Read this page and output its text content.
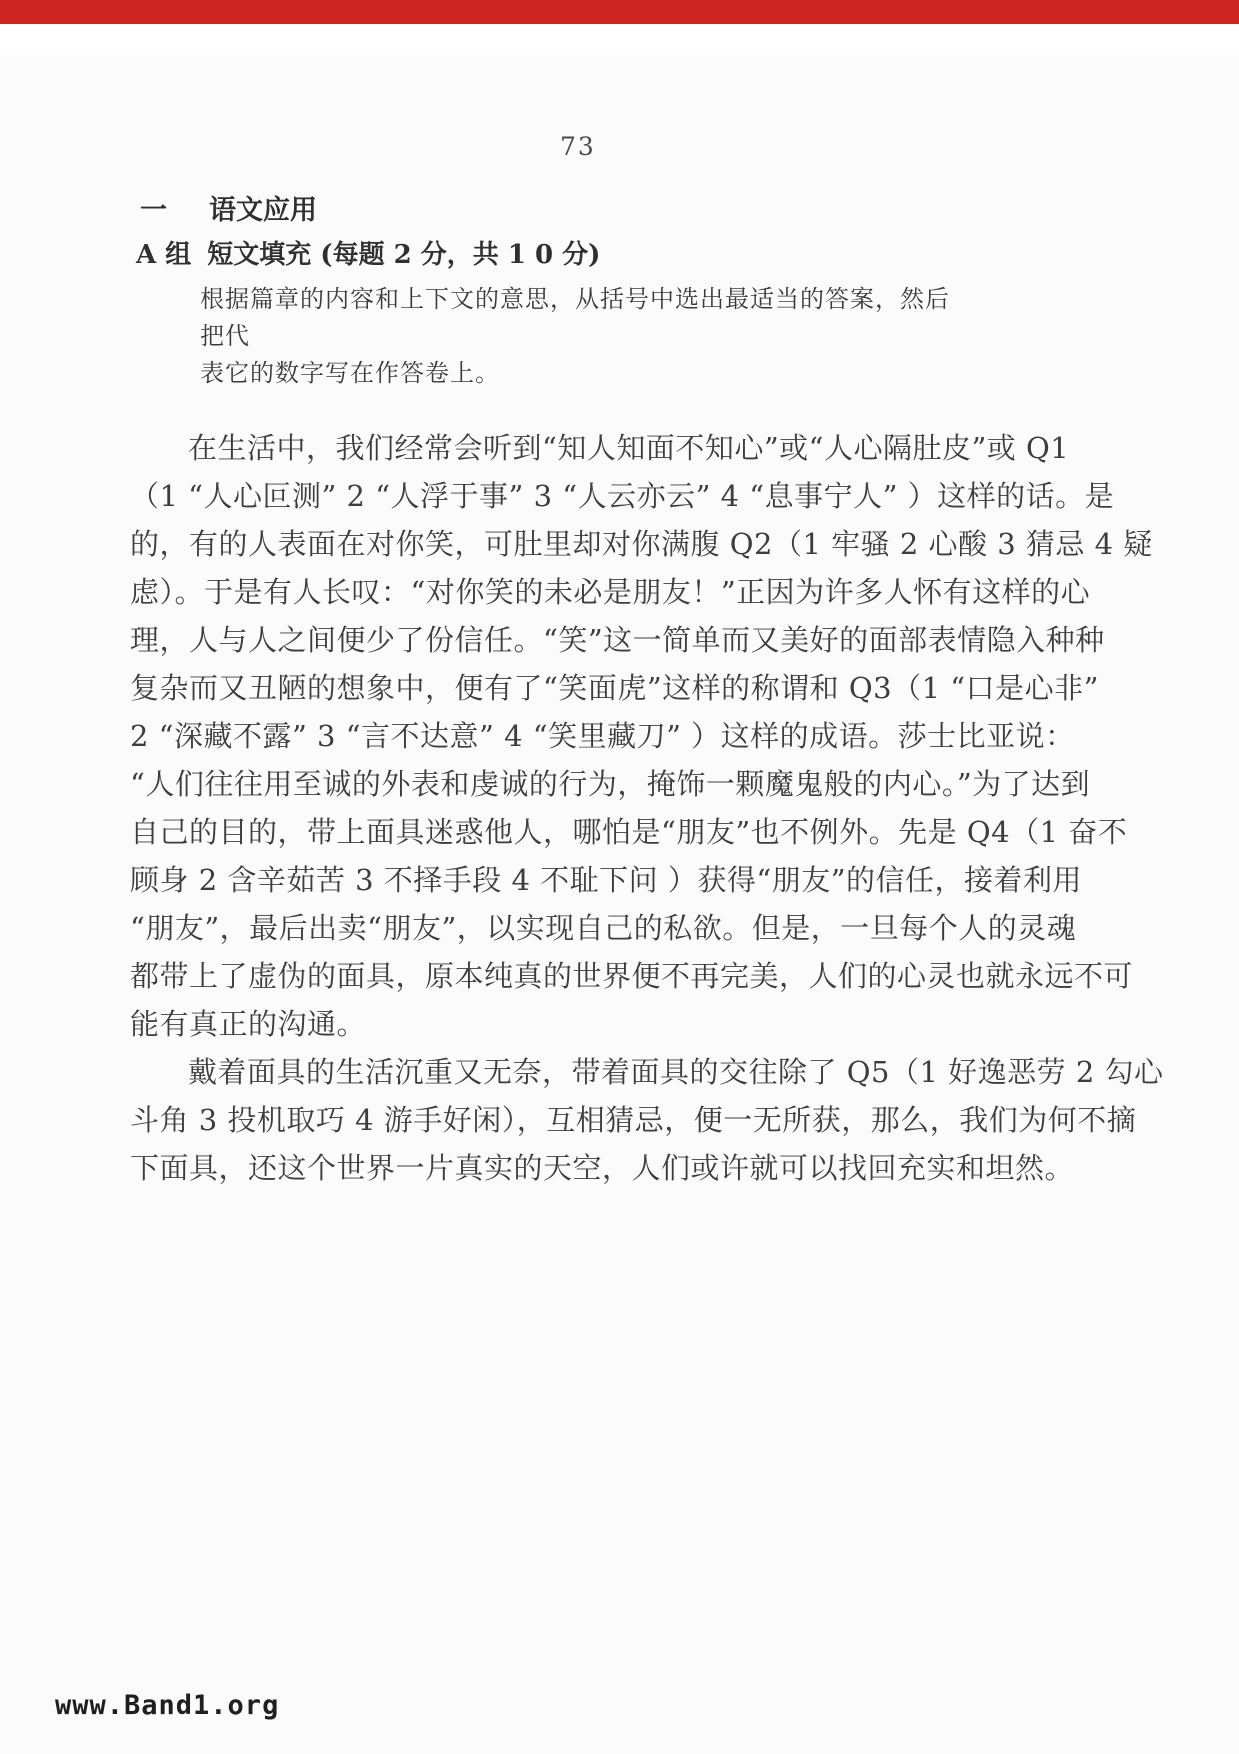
73
一 语文应用
A 组 短文填充 (每题 2 分，共 1 0 分)
根据篇章的内容和上下文的意思，从括号中选出最适当的答案，然后把代
表它的数字写在作答卷上。
在生活中，我们经常会听到“知人知面不知心”或“人心隔肚皮”或 Q1
（1 “人心叵测” 2 “人浮于事” 3 “人云亦云” 4 “息事宁人” ）这样的话。是
的，有的人表面在对你笑，可肚里却对你满腹 Q2（1 牢骚 2 心酸 3 猜忌 4 疑
虑）。于是有人长叹：“对你笑的未必是朋友！”正因为许多人怀有这样的心
理，人与人之间便少了份信任。“笑”这一简单而又美好的面部表情隐入种种
复杂而又丑陋的想象中，便有了“笑面虎”这样的称谓和 Q3（1 “口是心非”
2 “深藏不露” 3 “言不达意” 4 “笑里藏刀” ）这样的成语。莎士比亚说：
“人们往往用至诚的外表和虔诚的行为，掩饰一颗魔鬼般的内心。”为了达到
自己的目的，带上面具迷惑他人，哪怕是“朋友”也不例外。先是 Q4（1 奋不
顾身 2 含辛茹苦 3 不择手段 4 不耻下问 ）获得“朋友”的信任，接着利用
“朋友”，最后出卖“朋友”，以实现自己的私欲。但是，一旦每个人的灵魂
都带上了虚伪的面具，原本纯真的世界便不再完美，人们的心灵也就永远不可
能有真正的沟通。
戴着面具的生活沉重又无奈，带着面具的交往除了 Q5（1 好逸恶劳 2 勾心
斗角 3 投机取巧 4 游手好闲），互相猜忌，便一无所获，那么，我们为何不摘
下面具，还这个世界一片真实的天空，人们或许就可以找回充实和坦然。
www.Band1.org
